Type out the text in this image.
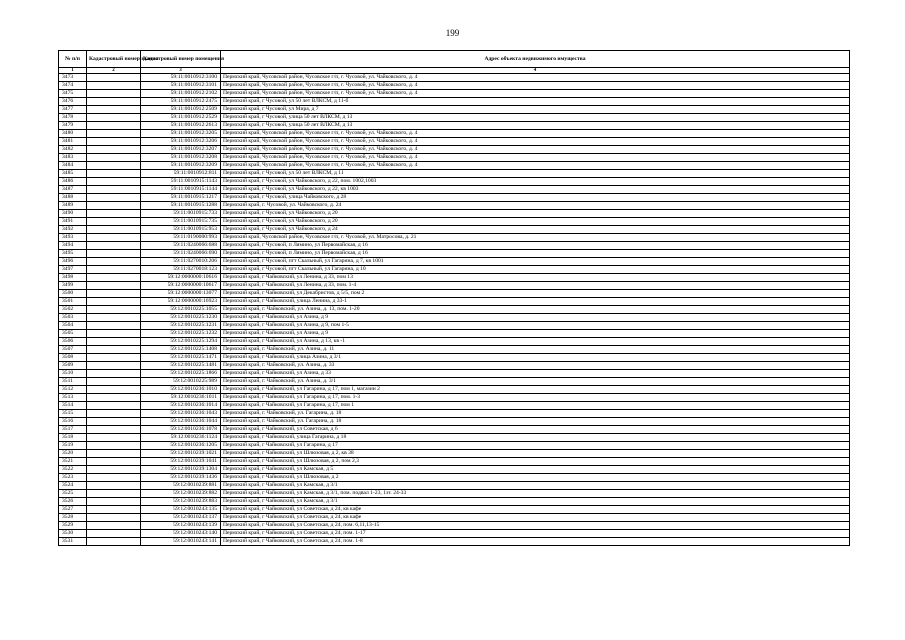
199
№ п/п	Кадастровый номер здания	Кадастровый номер помещения	Адрес объекта недвижимого имущества
1	2	3	4
3473		59:11:0010912:3100	Пермский край, Чусовской район, Чусовское г/п, г. Чусовой, ул. Чайковского, д. 4
3474		59:11:0010912:3101	Пермский край, Чусовской район, Чусовское г/п, г. Чусовой, ул. Чайковского, д. 4
3475		59:11:0010912:2102	Пермский край, Чусовской район, Чусовское г/п, г. Чусовой, ул. Чайковского, д. 4
3476		59:11:0010912:2475	Пермский край, г Чусовой, ул 50 лет ВЛКСМ, д 11-б
3477		59:11:0010912:2509	Пермский край, г Чусовой, ул Мира, д 7
3478		59:11:0010912:2529	Пермский край, г Чусовой, улица 50 лет ВЛКСМ, д 13
3479		59:11:0010912:2613	Пермский край, г Чусовой, улица 50 лет ВЛКСМ, д 13
3480		59:11:0010912:3205	Пермский край, Чусовской район, Чусовское г/п, г. Чусовой, ул. Чайковского, д. 4
3481		59:11:0010912:3206	Пермский край, Чусовской район, Чусовское г/п, г. Чусовой, ул. Чайковского, д. 4
3482		59:11:0010912:3207	Пермский край, Чусовской район, Чусовское г/п, г. Чусовой, ул. Чайковского, д. 4
3483		59:11:0010912:3208	Пермский край, Чусовской район, Чусовское г/п, г. Чусовой, ул. Чайковского, д. 4
3484		59:11:0010912:3209	Пермский край, Чусовской район, Чусовское г/п, г. Чусовой, ул. Чайковского, д. 4
3485		59:11:0010912:811	Пермский край, г Чусовой, ул 50 лет ВЛКСМ, д 11
3486		59:11:0010915:1143	Пермский край, г Чусовой, ул Чайковского, д 22, пом. 1002,1003
3487		59:11:0010915:1144	Пермский край, г Чусовой, ул Чайковского, д 22, кв 1003
3488		59:11:0010915:1217	Пермский край, г Чусовой, улица Чайковского, д 28
3489		59:11:0010915:1288	Пермский край, г. Чусовой, ул. Чайковского, д. 24
3490		59:11:0010915:733	Пермский край, г Чусовой, ул Чайковского, д 20
3491		59:11:0010915:735	Пермский край, г Чусовой, ул Чайковского, д 20
3492		59:11:0010915:953	Пермский край, г Чусовой, ул Чайковского, д 24
3493		59:11:0190000:993	Пермский край, Чусовской район, Чусовское г/п, г. Чусовой, ул. Матросова, д. 21
3494		59:11:0240066:688	Пермский край, г Чусовой, п Лямино, ул Первомайская, д 16
3495		59:11:0240066:690	Пермский край, г Чусовой, п Лямино, ул Первомайская, д 16
3496		59:11:0270010:206	Пермский край, г Чусовой, пгт Скальный, ул Гагарина, д 7, кв 1001
3497		59:11:0270018:123	Пермский край, г Чусовой, пгт Скальный, ул Гагарина, д 10
3498		59:12:0000000:10616	Пермский край, г Чайковский, ул Ленина, д 33, пом 13
3499		59:12:0000000:10617	Пермский край, г Чайковский, ул Ленина, д 33, пом. 1-4
3500		59:12:0000000:13077	Пермский край, г Чайковский, ул Декабристов, д 5/5, пом 2
3501		59:12:0000000:16923	Пермский край, г Чайковский, улица Ленина, д 33-1
3502		59:12:0010225:1055	Пермский край, г. Чайковский, ул. Азина, д. 13, пом. 1-20
3503		59:12:0010225:1230	Пермский край, г Чайковский, ул Азина, д 9
3504		59:12:0010225:1231	Пермский край, г Чайковский, ул Азина, д 9, пом 1-5
3505		59:12:0010225:1232	Пермский край, г Чайковский, ул Азина, д 9
3506		59:12:0010225:1294	Пермский край, г Чайковский, ул Азина, д 13, кв -1
3507		59:12:0010225:1408	Пермский край, г. Чайковский, ул. Азина, д. 11
3508		59:12:0010225:1471	Пермский край, г Чайковский, улица Азина, д 3/1
3509		59:12:0010225:1481	Пермский край, г. Чайковский, ул. Азина, д. 33
3510		59:12:0010225:1866	Пермский край, г Чайковский, ул Азина, д 33
3511		59:12:0010225:989	Пермский край, г. Чайковский, ул. Азина, д. 3/1
3512		59:12:0010236:1010	Пермский край, г Чайковский, ул Гагарина, д 17, пом 1, магазин 2
3513		59:12:0010236:1011	Пермский край, г Чайковский, ул Гагарина, д 17, пом. 1-3
3514		59:12:0010236:1014	Пермский край, г Чайковский, ул Гагарина, д 17, пом 1
3515		59:12:0010236:1043	Пермский край, г. Чайковский, ул. Гагарина, д. 18
3516		59:12:0010236:1044	Пермский край, г. Чайковский, ул. Гагарина, д. 18
3517		59:12:0010236:1078	Пермский край, г Чайковский, ул Советская, д 6
3518		59:12:0010236:1124	Пермский край, г Чайковский, улица Гагарина, д 18
3519		59:12:0010236:1205	Пермский край, г Чайковский, ул Гагарина, д 17
3520		59:12:0010239:1021	Пермский край, г Чайковский, ул Шлюзовая, д 2, кв 38
3521		59:12:0010239:1041	Пермский край, г Чайковский, ул Шлюзовая, д 2, пом 2,3
3522		59:12:0010239:1304	Пермский край, г Чайковский, ул Камская, д 5
3523		59:12:0010239:1436	Пермский край, г Чайковский, ул Шлюзовая, д 2
3524		59:12:0010239:881	Пермский край, г Чайковский, ул Камская, д 3/1
3525		59:12:0010239:882	Пермский край, г Чайковский, ул Камская, д 3/1, пом. подвал 1-23, 1эт. 24-33
3526		59:12:0010239:883	Пермский край, г Чайковский, ул Камская, д 3/1
3527		59:12:0010243:135	Пермский край, г Чайковский, ул Советская, д 24, кв кафе
3528		59:12:0010243:137	Пермский край, г Чайковский, ул Советская, д 24, кв кафе
3529		59:12:0010243:139	Пермский край, г Чайковский, ул Советская, д 24, пом. 6,11,13-15
3530		59:12:0010243:140	Пермский край, г Чайковский, ул Советская, д 24, пом. 1-17
3531		59:12:0010243:141	Пермский край, г Чайковский, ул Советская, д 24, пом. 1-8
